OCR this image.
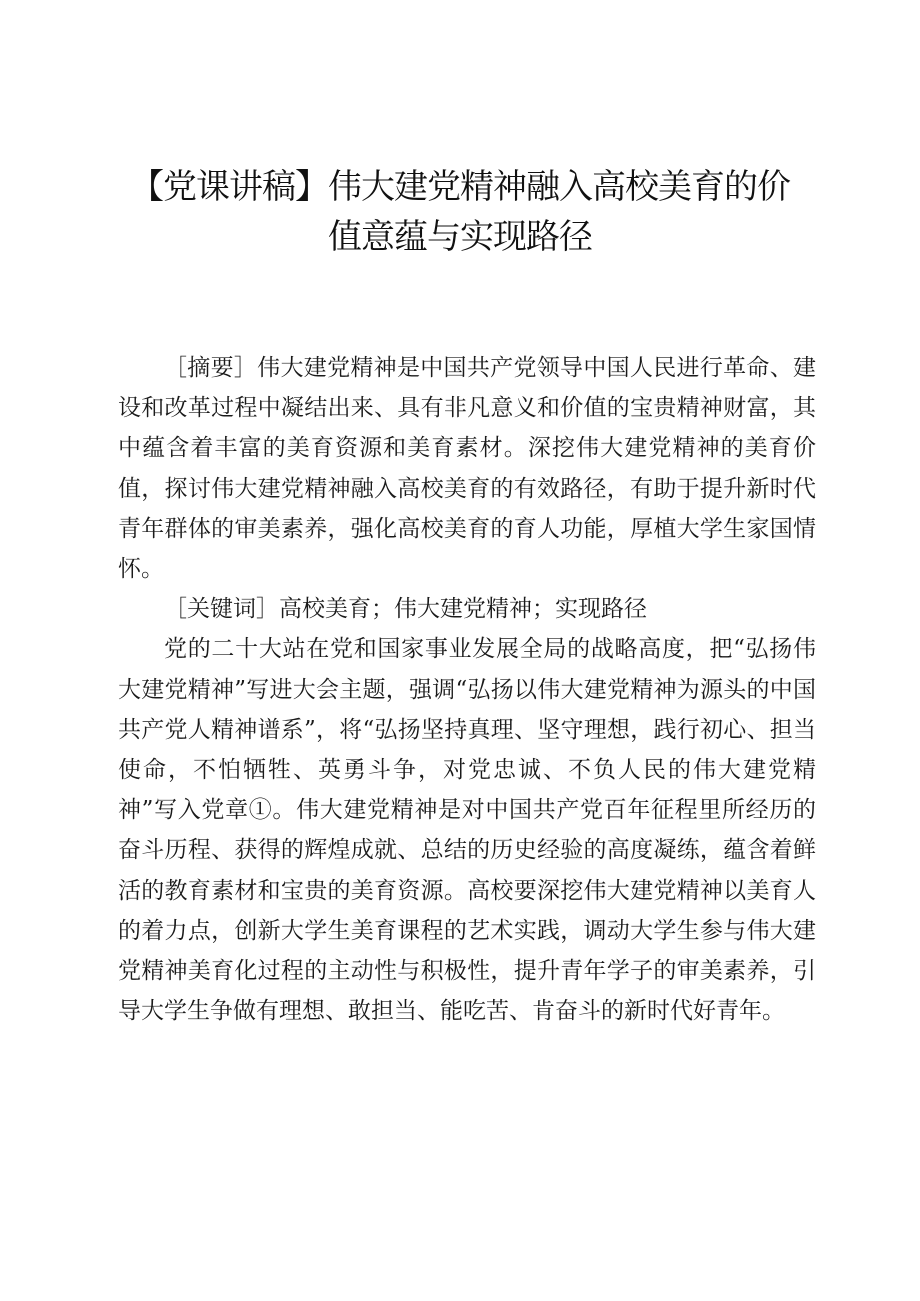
【党课讲稿】伟大建党精神融入高校美育的价
值意蕴与实现路径

［摘要］伟大建党精神是中国共产党领导中国人民进行革命、建设和改革过程中凝结出来、具有非凡意义和价值的宝贵精神财富，其中蕴含着丰富的美育资源和美育素材。深挖伟大建党精神的美育价值，探讨伟大建党精神融入高校美育的有效路径，有助于提升新时代青年群体的审美素养，强化高校美育的育人功能，厚植大学生家国情怀。

［关键词］高校美育；伟大建党精神；实现路径

党的二十大站在党和国家事业发展全局的战略高度，把“弘扬伟大建党精神”写进大会主题，强调“弘扬以伟大建党精神为源头的中国共产党人精神谱系”，将“弘扬坚持真理、坚守理想，践行初心、担当使命，不怕牺牲、英勇斗争，对党忠诚、不负人民的伟大建党精神”写入党章①。伟大建党精神是对中国共产党百年征程里所经历的奋斗历程、获得的辉煌成就、总结的历史经验的高度凝练，蕴含着鲜活的教育素材和宝贵的美育资源。高校要深挖伟大建党精神以美育人的着力点，创新大学生美育课程的艺术实践，调动大学生参与伟大建党精神美育化过程的主动性与积极性，提升青年学子的审美素养，引导大学生争做有理想、敢担当、能吃苦、肯奋斗的新时代好青年。
